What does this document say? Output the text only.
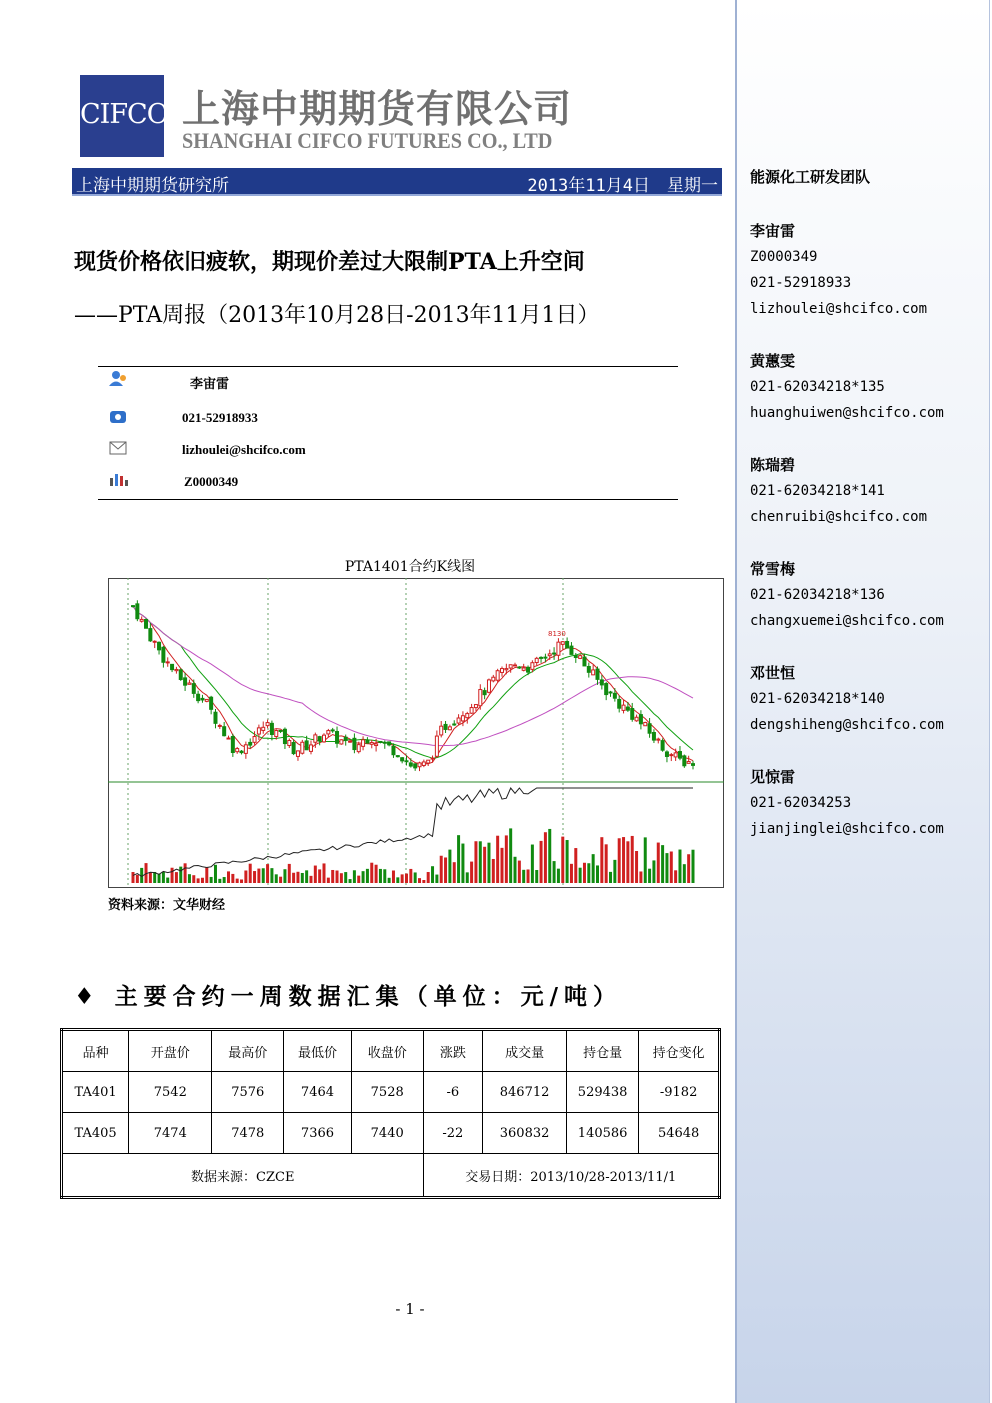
CIFCO 上海中期期货有限公司
SHANGHAI CIFCO FUTURES CO., LTD
上海中期期货研究所	2013年11月4日　星期一
现货价格依旧疲软，期现价差过大限制PTA上升空间
——PTA周报（2013年10月28日-2013年11月1日）
李宙雷
021-52918933
lizhoulei@shcifco.com
Z0000349
PTA1401合约K线图
8130
资料来源：文华财经
♦ 主要合约一周数据汇集（单位：元/吨）
品种	开盘价	最高价	最低价	收盘价	涨跌	成交量	持仓量	持仓变化
TA401	7542	7576	7464	7528	-6	846712	529438	-9182
TA405	7474	7478	7366	7440	-22	360832	140586	54648
数据来源：CZCE					交易日期：2013/10/28-2013/11/1			
- 1 -
能源化工研发团队
李宙雷
Z0000349
021-52918933
lizhoulei@shcifco.com
黄蕙雯
021-62034218*135
huanghuiwen@shcifco.com
陈瑞碧
021-62034218*141
chenruibi@shcifco.com
常雪梅
021-62034218*136
changxuemei@shcifco.com
邓世恒
021-62034218*140
dengshiheng@shcifco.com
见惊雷
021-62034253
jianjinglei@shcifco.com
